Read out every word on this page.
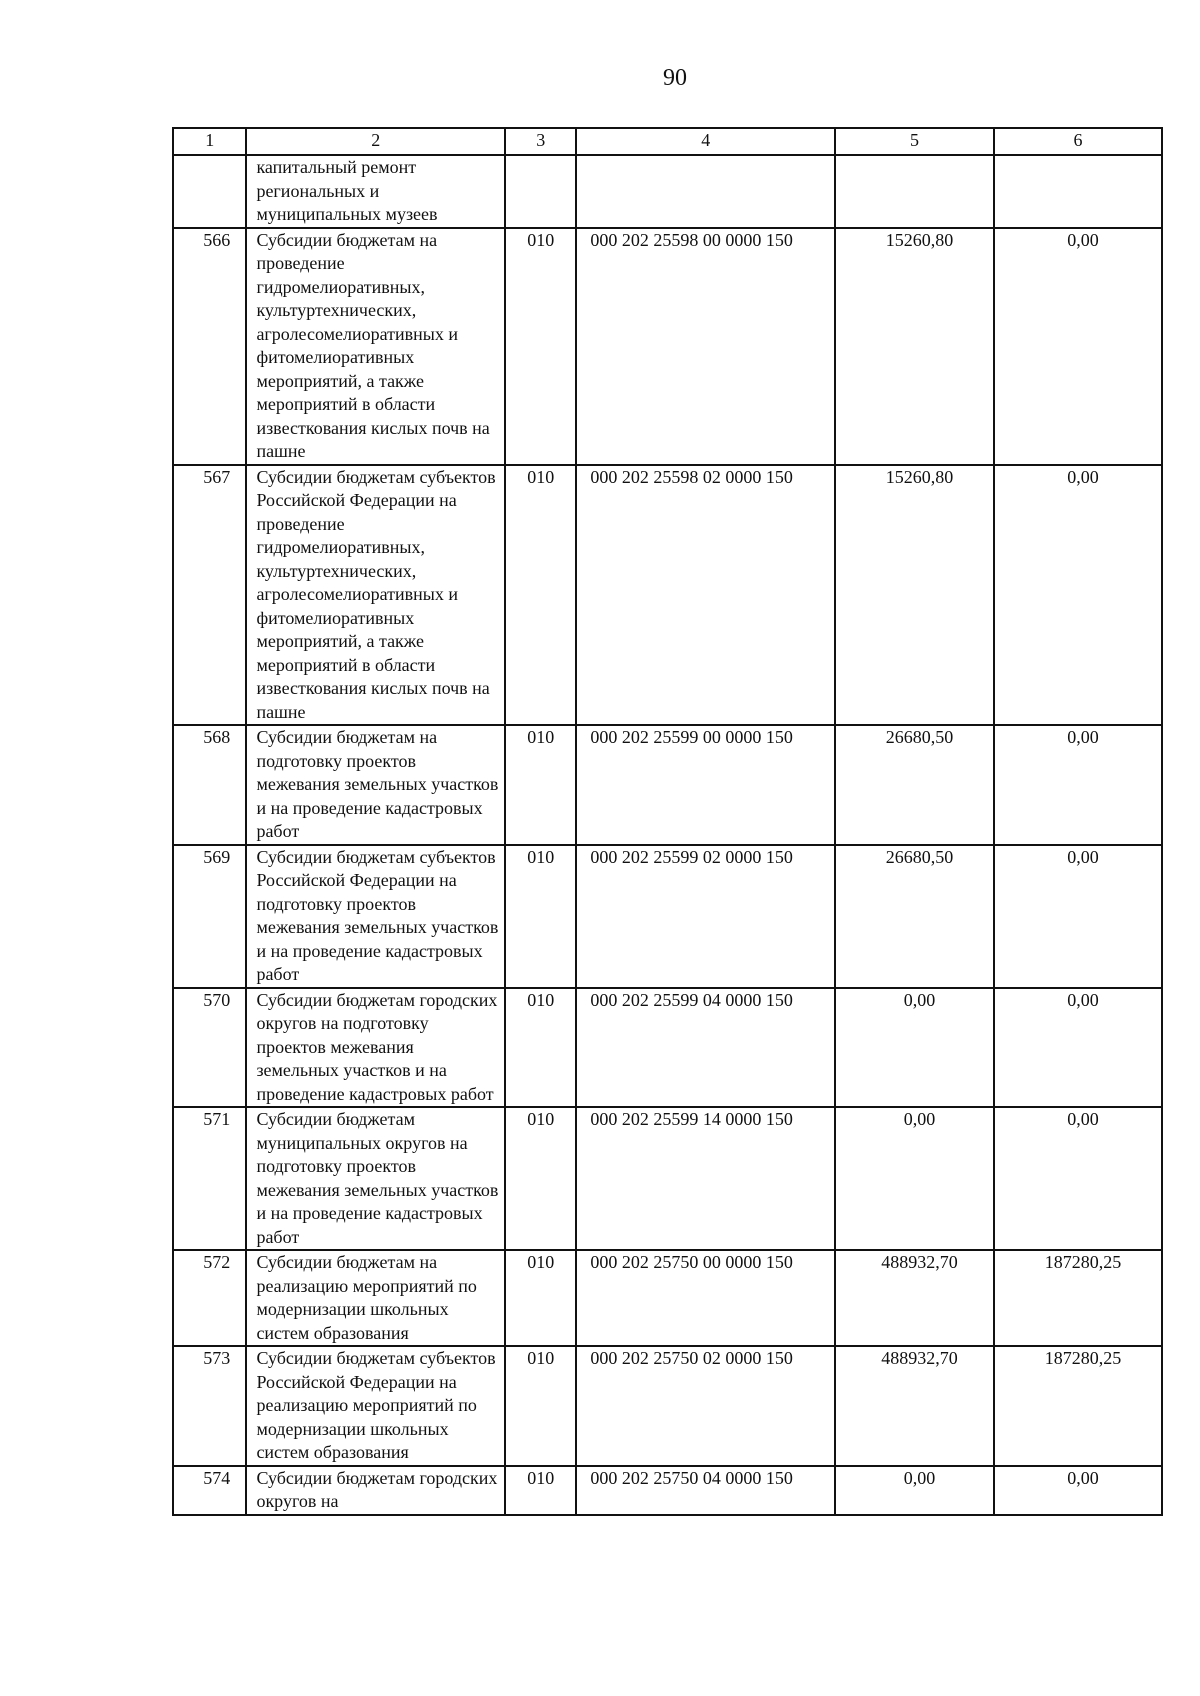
90
1	2	3	4	5	6
	капитальный ремонт региональных и муниципальных музеев				
566	Субсидии бюджетам на проведение гидромелиоративных, культуртехнических, агролесомелиоративных и фитомелиоративных мероприятий, а также мероприятий в области известкования кислых почв на пашне	010	000 202 25598 00 0000 150	15260,80	0,00
567	Субсидии бюджетам субъектов Российской Федерации на проведение гидромелиоративных, культуртехнических, агролесомелиоративных и фитомелиоративных мероприятий, а также мероприятий в области известкования кислых почв на пашне	010	000 202 25598 02 0000 150	15260,80	0,00
568	Субсидии бюджетам на подготовку проектов межевания земельных участков и на проведение кадастровых работ	010	000 202 25599 00 0000 150	26680,50	0,00
569	Субсидии бюджетам субъектов Российской Федерации на подготовку проектов межевания земельных участков и на проведение кадастровых работ	010	000 202 25599 02 0000 150	26680,50	0,00
570	Субсидии бюджетам городских округов на подготовку проектов межевания земельных участков и на проведение кадастровых работ	010	000 202 25599 04 0000 150	0,00	0,00
571	Субсидии бюджетам муниципальных округов на подготовку проектов межевания земельных участков и на проведение кадастровых работ	010	000 202 25599 14 0000 150	0,00	0,00
572	Субсидии бюджетам на реализацию мероприятий по модернизации школьных систем образования	010	000 202 25750 00 0000 150	488932,70	187280,25
573	Субсидии бюджетам субъектов Российской Федерации на реализацию мероприятий по модернизации школьных систем образования	010	000 202 25750 02 0000 150	488932,70	187280,25
574	Субсидии бюджетам городских округов на	010	000 202 25750 04 0000 150	0,00	0,00
